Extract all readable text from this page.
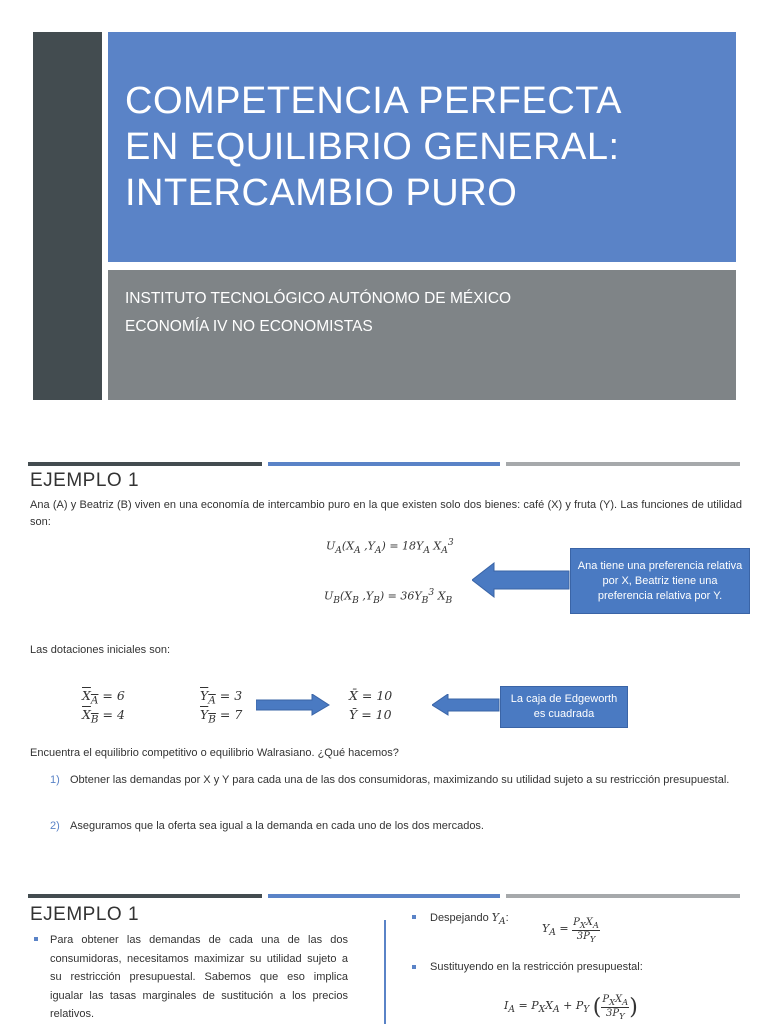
COMPETENCIA PERFECTA
EN EQUILIBRIO GENERAL:
INTERCAMBIO PURO
INSTITUTO TECNOLÓGICO AUTÓNOMO DE MÉXICO
ECONOMÍA IV NO ECONOMISTAS
EJEMPLO 1
Ana (A) y Beatriz (B) viven en una economía de intercambio puro en la que existen solo dos bienes: café (X) y fruta (Y). Las funciones de utilidad son:
$U_A(X_A$ $,Y_A) = 18Y_A$ $X_A^3$
$U_B(X_B$ $,Y_B) = 36Y_B^3$ $X_B$
Ana tiene una preferencia relativa por X, Beatriz tiene una preferencia relativa por Y.
Las dotaciones iniciales son:
$X_A = 6$
$X_B = 4$
$Y_A = 3$
$Y_B = 7$
X̄ = 10
Ȳ = 10
La caja de Edgeworth es cuadrada
Encuentra el equilibrio competitivo o equilibrio Walrasiano. ¿Qué hacemos?
1) Obtener las demandas por X y Y para cada una de las dos consumidoras, maximizando su utilidad sujeto a su restricción presupuestal.
2) Aseguramos que la oferta sea igual a la demanda en cada uno de los dos mercados.
EJEMPLO 1
Para obtener las demandas de cada una de las dos consumidoras, necesitamos maximizar su utilidad sujeto a su restricción presupuestal. Sabemos que eso implica igualar las tasas marginales de sustitución a los precios relativos.
Despejando $Y_A$:
$Y_A = P_XX_A$
$3P_Y$
Sustituyendo en la restricción presupuestal:
$I_A = P_XX_A + P_Y$ ( $P_XX_A$
$3P_Y$ )
